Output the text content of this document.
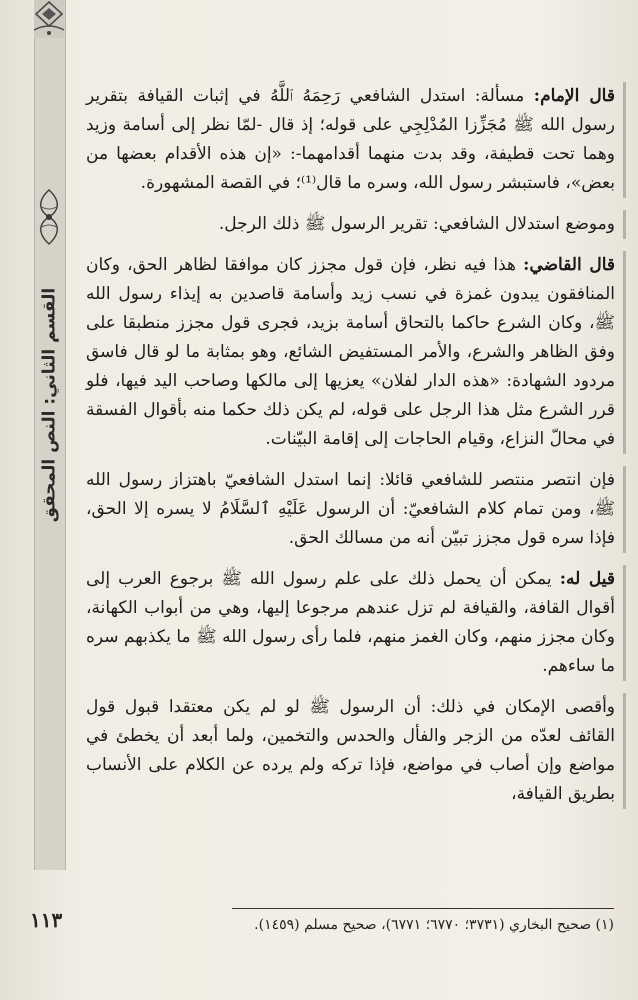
القسم الثاني: النص المحقق

قال الإمام: مسألة: استدل الشافعي رَحِمَهُ ٱللَّهُ في إثبات القيافة بتقرير رسول الله ﷺ مُجَزِّزا المُدْلِجِي على قوله؛ إذ قال -لمّا نظر إلى أسامة وزيد وهما تحت قطيفة، وقد بدت منهما أقدامهما-: «إن هذه الأقدام بعضها من بعض»، فاستبشر رسول الله، وسره ما قال⁽¹⁾؛ في القصة المشهورة.

وموضع استدلال الشافعي: تقرير الرسول ﷺ ذلك الرجل.

قال القاضي: هذا فيه نظر، فإن قول مجزز كان موافقا لظاهر الحق، وكان المنافقون يبدون غمزة في نسب زيد وأسامة قاصدين به إيذاء رسول الله ﷺ، وكان الشرع حاكما بالتحاق أسامة بزيد، فجرى قول مجزز منطبقا على وفق الظاهر والشرع، والأمر المستفيض الشائع، وهو بمثابة ما لو قال فاسق مردود الشهادة: «هذه الدار لفلان» يعزيها إلى مالكها وصاحب اليد فيها، فلو قرر الشرع مثل هذا الرجل على قوله، لم يكن ذلك حكما منه بأقوال الفسقة في محالّ النزاع، وقيام الحاجات إلى إقامة البيّنات.

فإن انتصر منتصر للشافعي قائلا: إنما استدل الشافعيّ باهتزاز رسول الله ﷺ، ومن تمام كلام الشافعيّ: أن الرسول عَلَيْهِ ٱلسَّلَامُ لا يسره إلا الحق، فإذا سره قول مجزز تبيّن أنه من مسالك الحق.

قيل له: يمكن أن يحمل ذلك على علم رسول الله ﷺ برجوع العرب إلى أقوال القافة، والقيافة لم تزل عندهم مرجوعا إليها، وهي من أبواب الكهانة، وكان مجزز منهم، وكان الغمز منهم، فلما رأى رسول الله ﷺ ما يكذبهم سره ما ساءهم.

وأقصى الإمكان في ذلك: أن الرسول ﷺ لو لم يكن معتقدا قبول قول القائف لعدّه من الزجر والفأل والحدس والتخمين، ولما أبعد أن يخطئ في مواضع وإن أصاب في مواضع، فإذا تركه ولم يرده عن الكلام على الأنساب بطريق القيافة،

(١) صحيح البخاري (٣٧٣١؛ ٦٧٧٠؛ ٦٧٧١)، صحيح مسلم (١٤٥٩).
١١٣
